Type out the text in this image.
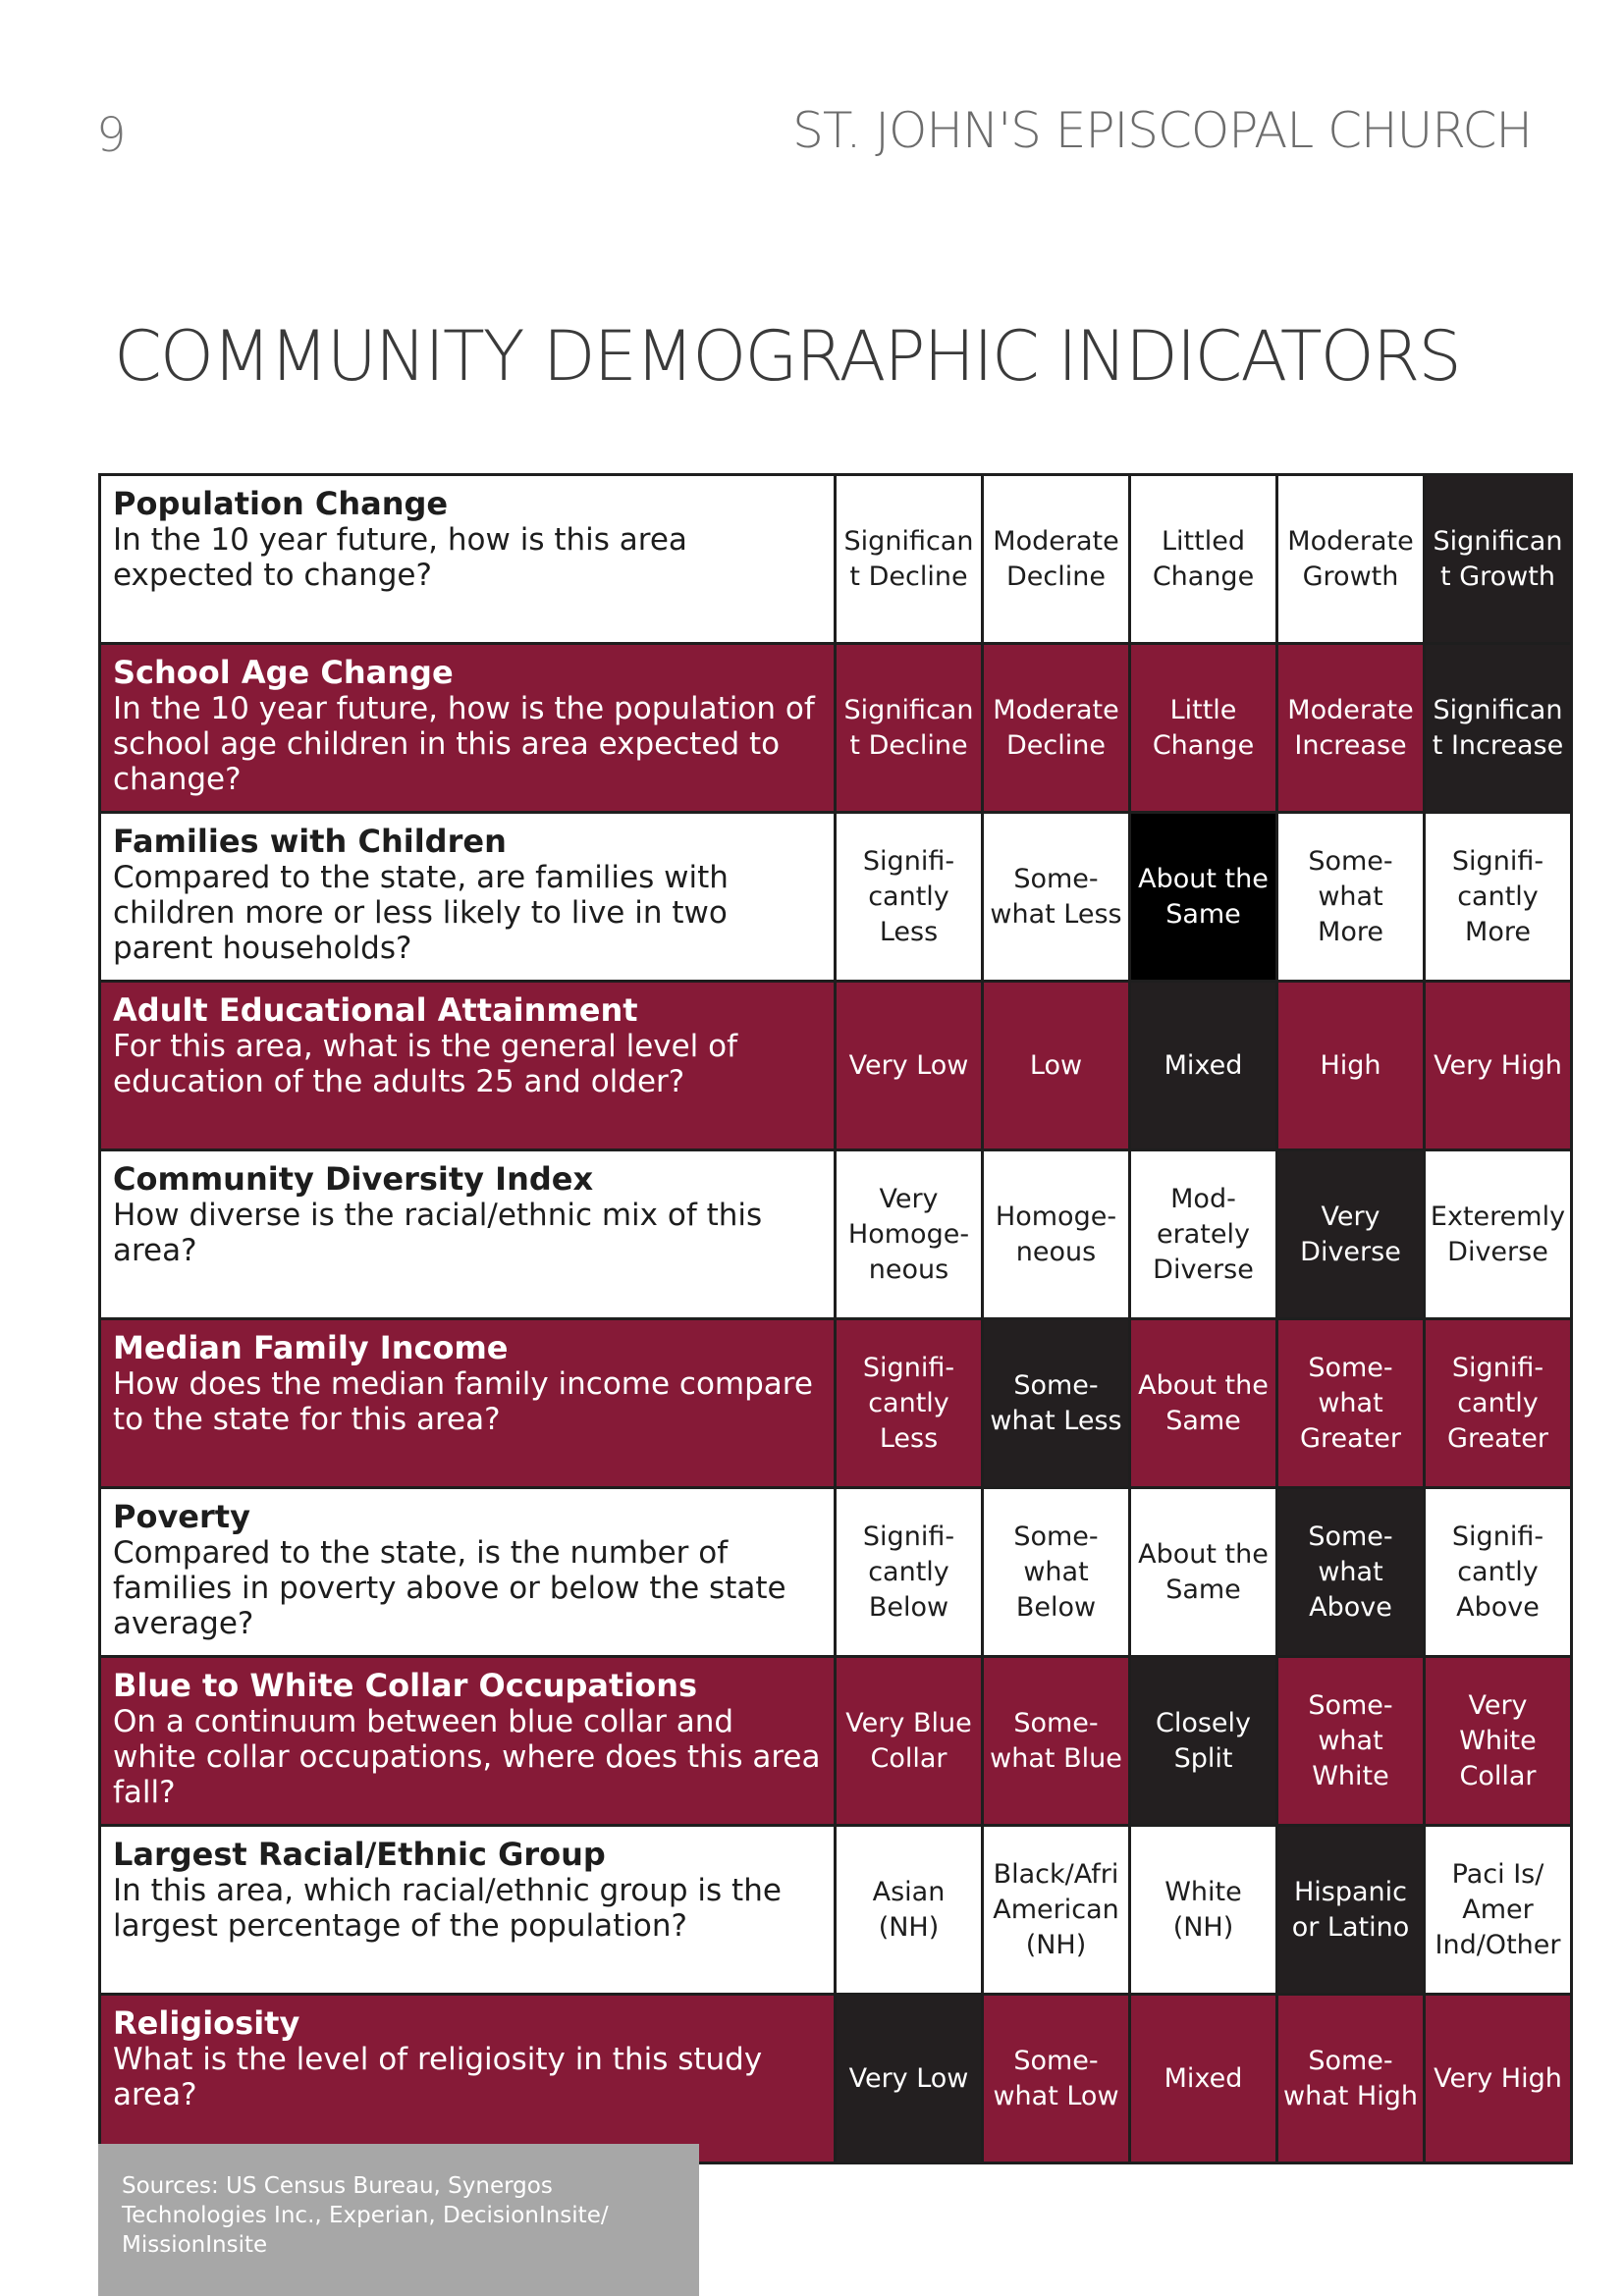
9	ST. JOHN'S EPISCOPAL CHURCH
COMMUNITY DEMOGRAPHIC INDICATORS
Population Change
In the 10 year future, how is this area expected to change?	Significant Decline	Moderate Decline	Littled Change	Moderate Growth	Significant Growth

School Age Change
In the 10 year future, how is the population of school age children in this area expected to change?	Significant Decline	Moderate Decline	Little Change	Moderate Increase	Significant Increase

Families with Children
Compared to the state, are families with children more or less likely to live in two parent households?	Signifi-cantly Less	Some-what Less	About the Same	Some-what More	Signifi-cantly More

Adult Educational Attainment
For this area, what is the general level of education of the adults 25 and older?	Very Low	Low	Mixed	High	Very High

Community Diversity Index
How diverse is the racial/ethnic mix of this area?	Very Homoge-neous	Homoge-neous	Mod-erately Diverse	Very Diverse	Exteremly Diverse

Median Family Income
How does the median family income compare to the state for this area?	Signifi-cantly Less	Some-what Less	About the Same	Some-what Greater	Signifi-cantly Greater

Poverty
Compared to the state, is the number of families in poverty above or below the state average?	Signifi-cantly Below	Some-what Below	About the Same	Some-what Above	Signifi-cantly Above

Blue to White Collar Occupations
On a continuum between blue collar and white collar occupations, where does this area fall?	Very Blue Collar	Some-what Blue	Closely Split	Some-what White	Very White Collar

Largest Racial/Ethnic Group
In this area, which racial/ethnic group is the largest percentage of the population?	Asian (NH)	Black/Afri American (NH)	White (NH)	Hispanic or Latino	Paci Is/ Amer Ind/Other

Religiosity
What is the level of religiosity in this study area?	Very Low	Some-what Low	Mixed	Some-what High	Very High
Sources: US Census Bureau, Synergos Technologies Inc., Experian, DecisionInsite/ MissionInsite
